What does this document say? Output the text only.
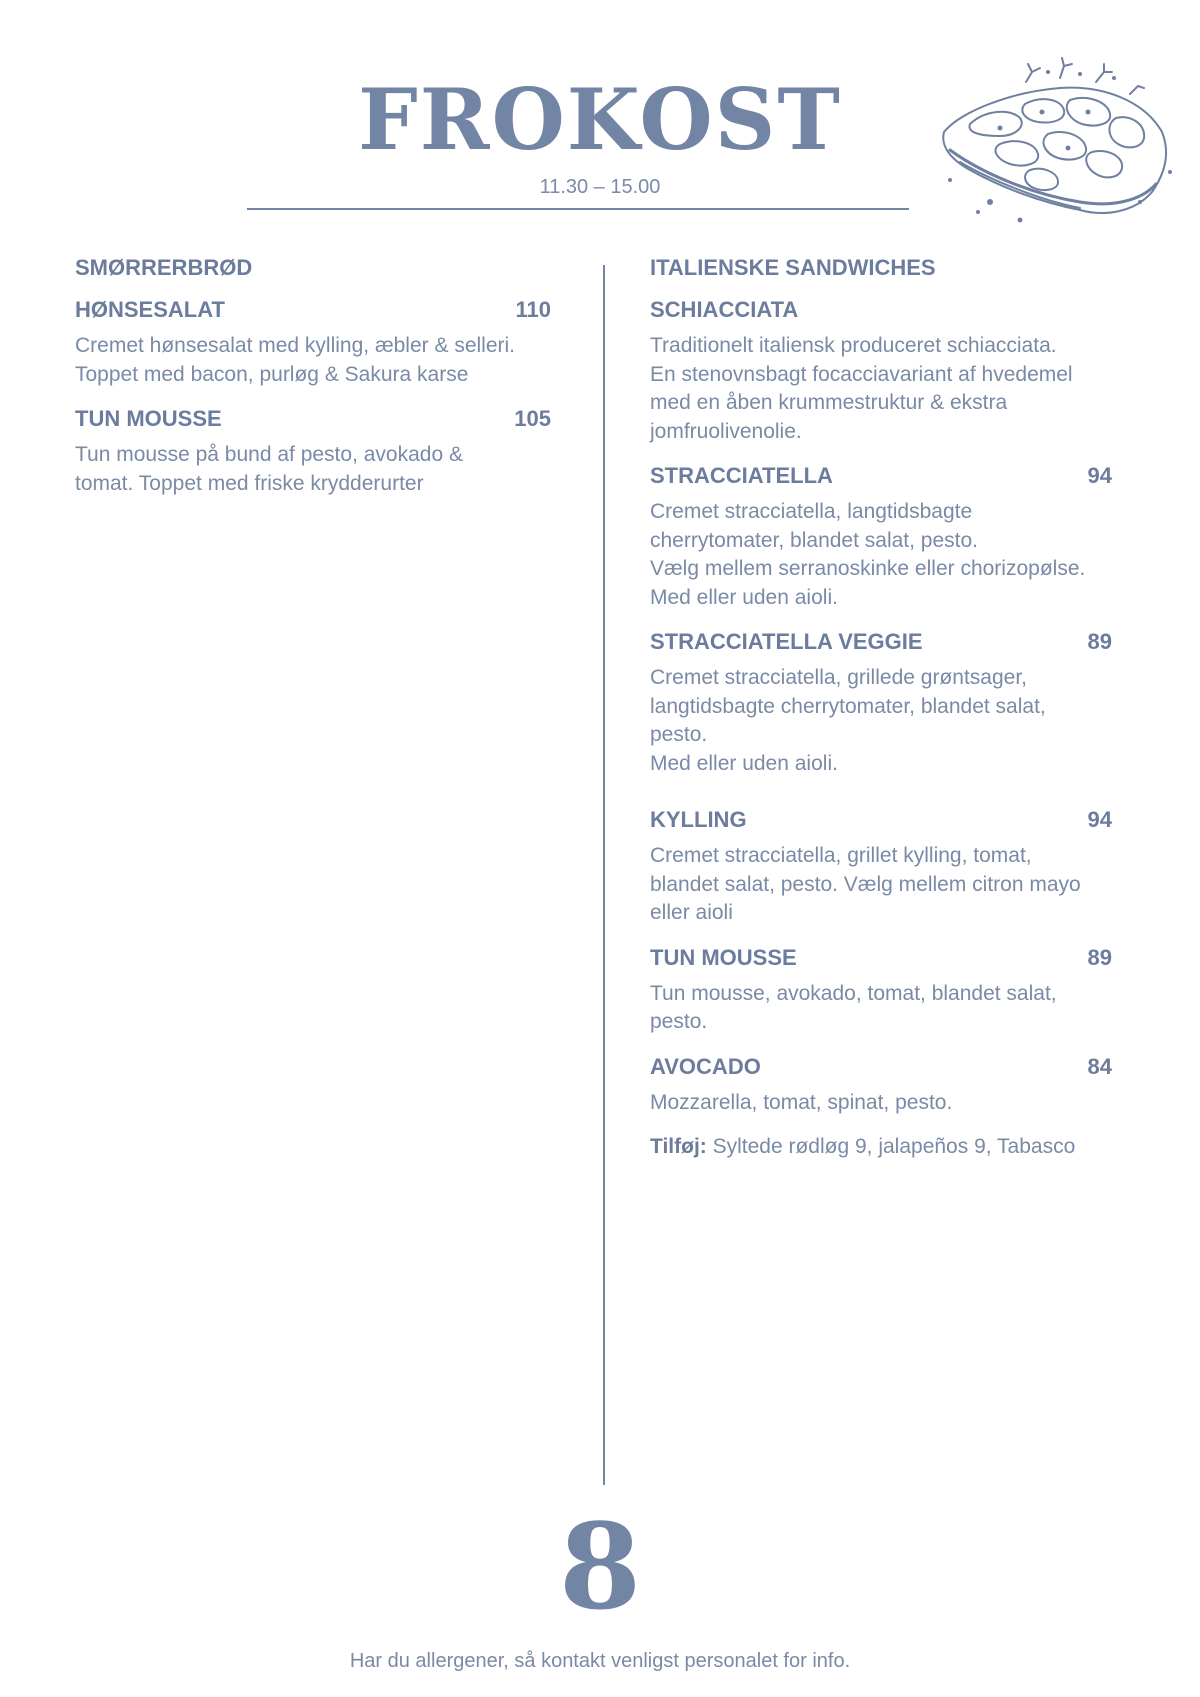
FROKOST
11.30 – 15.00
SMØRRERBRØD
HØNSESALAT	110
Cremet hønsesalat med kylling, æbler & selleri.
Toppet med bacon, purløg & Sakura karse
TUN MOUSSE	105
Tun mousse på bund af pesto, avokado &
tomat. Toppet med friske krydderurter
ITALIENSKE SANDWICHES
SCHIACCIATA
Traditionelt italiensk produceret schiacciata.
En stenovnsbagt focacciavariant af hvedemel
med en åben krummestruktur & ekstra
jomfruolivenolie.
STRACCIATELLA	94
Cremet stracciatella, langtidsbagte
cherrytomater, blandet salat, pesto.
Vælg mellem serranoskinke eller chorizopølse.
Med eller uden aioli.
STRACCIATELLA VEGGIE	89
Cremet stracciatella, grillede grøntsager,
langtidsbagte cherrytomater, blandet salat,
pesto.
Med eller uden aioli.
KYLLING	94
Cremet stracciatella, grillet kylling, tomat,
blandet salat, pesto. Vælg mellem citron mayo
eller aioli
TUN MOUSSE	89
Tun mousse, avokado, tomat, blandet salat,
pesto.
AVOCADO	84
Mozzarella, tomat, spinat, pesto.
Tilføj: Syltede rødløg 9, jalapeños 9, Tabasco
8
Har du allergener, så kontakt venligst personalet for info.
